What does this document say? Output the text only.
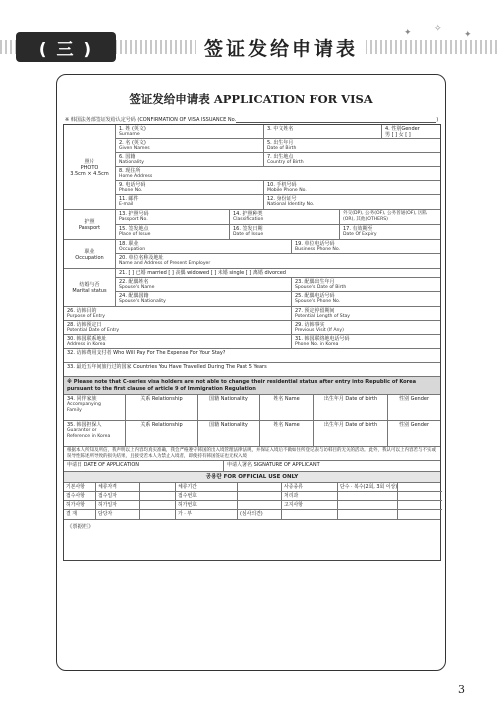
✦ ✧
✦
( 三 )	签证发给申请表
签证发给申请表 APPLICATION FOR VISA
※ 韩国法务部签证发给认定号码 (CONFIRMATION OF VISA ISSUANCE No.	)
照片
PHOTO
3.5cm × 4.5cm
1. 姓 (英文)
Surname
3. 中文姓名	4. 性别Gender
男 [ ] 女 [ ]
2. 名 (英文)
Given Names
5. 出生年月
Date of Birth
6. 国籍
Nationality
7. 出生地点
Country of Birth
8. 现住所
Home Address
9. 电话号码
Phone No.
10. 手机号码
Mobile Phone No.
11. 邮件
E-mail
12. 身份证号
National Identity No.
护照
Passport
13. 护照号码
Passport No.
14. 护照种类
Classification
外交(DP), 公务(OF), 公务普通(OF), 因私(OR), 其他(OTHERS)
15. 签发地点
Place of Issue
16. 签发日期
Date of Issue
17. 有效期至
Date Of Expiry
职业
Occupation
18. 职业
Occupation
19. 单位电话号码
Business Phone No.
20. 单位名称及地址
Name and Address of Present Employer
结婚与否
Marital status
21. [ ] 已婚 married [ ] 丧偶 widowed [ ] 未婚 single [ ] 离婚 divorced
22. 配偶姓名
Spouse's Name
23. 配偶出生年月
Spouse's Date of Birth
24. 配偶国籍
Spouse's Nationality
25. 配偶电话号码
Spouse's Phone No.
26. 访韩目的
Purpose of Entry
27. 预定停留期间
Potential Length of Stay
28. 访韩预定日
Potential Date of Entry
29. 访韩事实
Previous Visit (If Any)
30. 韩国联系地址
Address in Korea
31. 韩国联络地电话号码
Phone No. in Korea
32. 访韩费用支付者 Who Will Pay For The Expense For Your Stay?
33. 最近五年间旅行过的国家 Countries You Have Travelled During The Past 5 Years
※ Please note that C-series visa holders are not able to change their residential status after entry into Republic of Korea pursuant to the first clause of article 9 of Immigration Regulation
34. 同伴家族
Accompanying
Family
关系 Relationship	国籍 Nationality	姓名 Name	出生年月 Date of birth	性别 Gender
35. 韩国担保人
Guarantor or
Reference in Korea
关系 Relationship	国籍 Nationality	姓名 Name	出生年月 Date of birth	性别 Gender
根据本人所知及所信，我声明以上内容均真实准确，我会严格遵守韩国的出入境管理法律法规，并保证入境后不做如住所登记表与访韩目的无关的活动。此外，我认可以上内容若与不实或误导性陈述所导致的损失结果，且接受若本人为禁止入境者，即使持有韩国签证也无权入境
申请日 DATE OF APPLICATION	申请人署名 SIGNATURE OF APPLICANT
공용란 FOR OFFICIAL USE ONLY
기본사항	체류자격	체류기간	사증종류	단수 · 복수(2회, 3회 이상)
접수사항	접수일자	접수번호	처리과
허가사항	허가일자	허가번호	고지사항
결 재	담당자	가 · 부	(심사의견)
《票据栏》
3
